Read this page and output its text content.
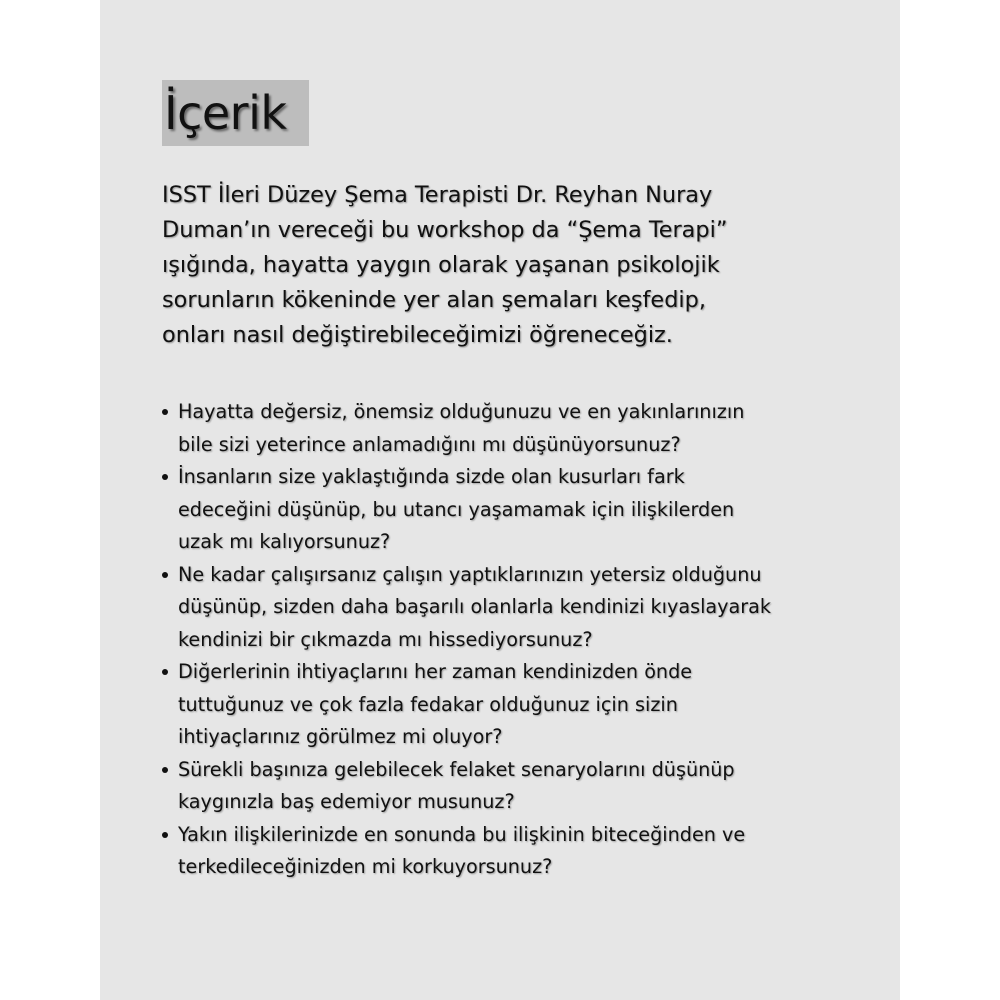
İçerik
ISST İleri Düzey Şema Terapisti Dr. Reyhan Nuray
Duman’ın vereceği bu workshop da “Şema Terapi”
ışığında, hayatta yaygın olarak yaşanan psikolojik
sorunların kökeninde yer alan şemaları keşfedip,
onları nasıl değiştirebileceğimizi öğreneceğiz.
Hayatta değersiz, önemsiz olduğunuzu ve en yakınlarınızın
bile sizi yeterince anlamadığını mı düşünüyorsunuz?
İnsanların size yaklaştığında sizde olan kusurları fark
edeceğini düşünüp, bu utancı yaşamamak için ilişkilerden
uzak mı kalıyorsunuz?
Ne kadar çalışırsanız çalışın yaptıklarınızın yetersiz olduğunu
düşünüp, sizden daha başarılı olanlarla kendinizi kıyaslayarak
kendinizi bir çıkmazda mı hissediyorsunuz?
Diğerlerinin ihtiyaçlarını her zaman kendinizden önde
tuttuğunuz ve çok fazla fedakar olduğunuz için sizin
ihtiyaçlarınız görülmez mi oluyor?
Sürekli başınıza gelebilecek felaket senaryolarını düşünüp
kaygınızla baş edemiyor musunuz?
Yakın ilişkilerinizde en sonunda bu ilişkinin biteceğinden ve
terkedileceğinizden mi korkuyorsunuz?
